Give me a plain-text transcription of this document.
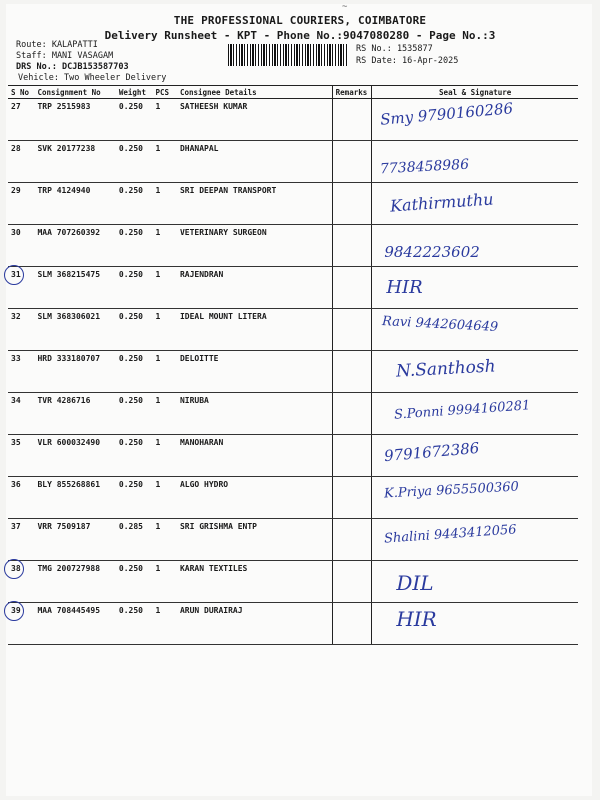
~
THE PROFESSIONAL COURIERS, COIMBATORE
Delivery Runsheet - KPT - Phone No.:9047080280 - Page No.:3
Route: KALAPATTI
Staff: MANI VASAGAM
DRS No.: DCJB153587703
Vehicle: Two Wheeler Delivery
RS No.: 1535877
RS Date: 16-Apr-2025
S No	Consignment No	Weight	PCS	Consignee Details	Remarks	Seal & Signature
27	TRP 2515983	0.250	1	SATHEESH KUMAR		Smy 9790160286

28	SVK 20177238	0.250	1	DHANAPAL		7738458986

29	TRP 4124940	0.250	1	SRI DEEPAN TRANSPORT		Kathirmuthu

30	MAA 707260392	0.250	1	VETERINARY SURGEON		9842223602

31	SLM 368215475	0.250	1	RAJENDRAN		HIR

32	SLM 368306021	0.250	1	IDEAL MOUNT LITERA		Ravi 9442604649

33	HRD 333180707	0.250	1	DELOITTE		N.Santhosh

34	TVR 4286716	0.250	1	NIRUBA		S.Ponni 9994160281

35	VLR 600032490	0.250	1	MANOHARAN		9791672386

36	BLY 855268861	0.250	1	ALGO HYDRO		K.Priya 9655500360

37	VRR 7509187	0.285	1	SRI GRISHMA ENTP		Shalini 9443412056

38	TMG 200727988	0.250	1	KARAN TEXTILES		DIL

39	MAA 708445495	0.250	1	ARUN DURAIRAJ		HIR
